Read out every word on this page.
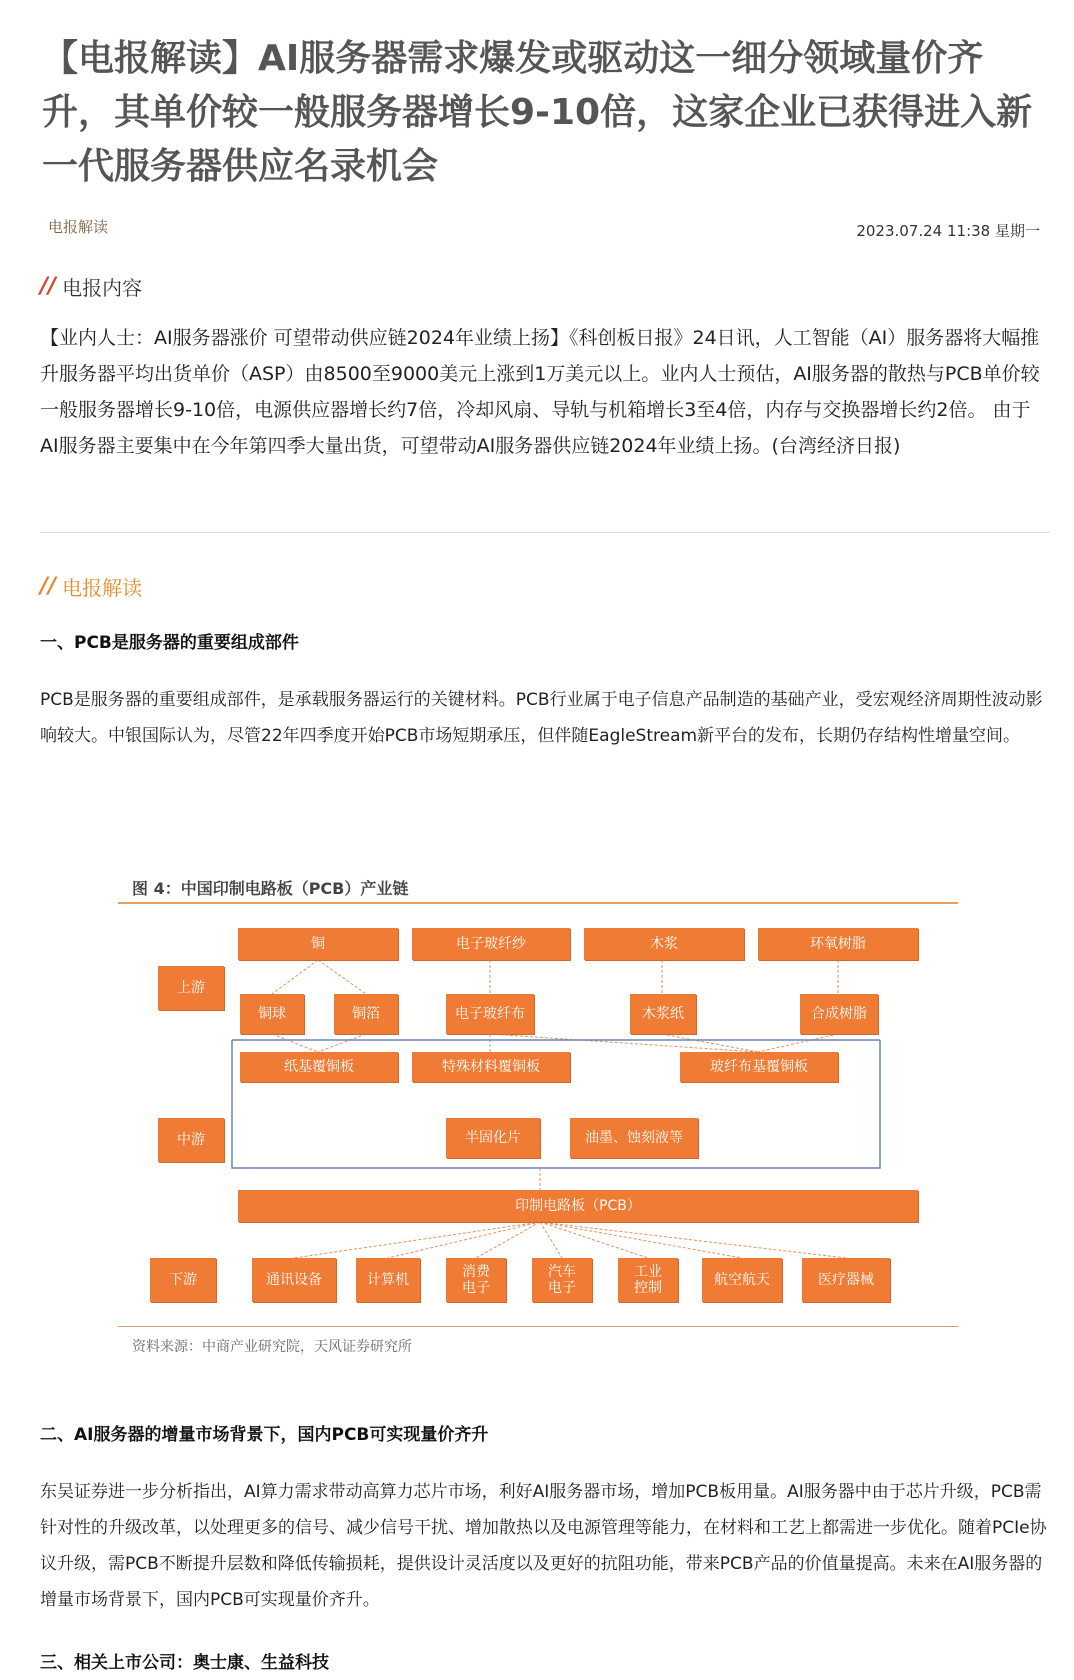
【电报解读】AI服务器需求爆发或驱动这一细分领域量价齐升，其单价较一般服务器增长9-10倍，这家企业已获得进入新一代服务器供应名录机会
电报解读	2023.07.24 11:38 星期一
// 电报内容
【业内人士：AI服务器涨价 可望带动供应链2024年业绩上扬】《科创板日报》24日讯，人工智能（AI）服务器将大幅推升服务器平均出货单价（ASP）由8500至9000美元上涨到1万美元以上。业内人士预估，AI服务器的散热与PCB单价较一般服务器增长9-10倍，电源供应器增长约7倍，冷却风扇、导轨与机箱增长3至4倍，内存与交换器增长约2倍。 由于AI服务器主要集中在今年第四季大量出货，可望带动AI服务器供应链2024年业绩上扬。(台湾经济日报)
// 电报解读
一、PCB是服务器的重要组成部件
PCB是服务器的重要组成部件，是承载服务器运行的关键材料。PCB行业属于电子信息产品制造的基础产业，受宏观经济周期性波动影响较大。中银国际认为，尽管22年四季度开始PCB市场短期承压，但伴随EagleStream新平台的发布，长期仍存结构性增量空间。
图 4：中国印制电路板（PCB）产业链
上游
中游
下游
铜	电子玻纤纱	木浆	环氧树脂
铜球	铜箔	电子玻纤布	木浆纸	合成树脂
纸基覆铜板	特殊材料覆铜板	玻纤布基覆铜板
半固化片	油墨、蚀刻液等
印制电路板（PCB）
通讯设备	计算机	消费
电子
汽车
电子
工业
控制	航空航天	医疗器械
资料来源：中商产业研究院，天风证券研究所
二、AI服务器的增量市场背景下，国内PCB可实现量价齐升
东吴证券进一步分析指出，AI算力需求带动高算力芯片市场，利好AI服务器市场，增加PCB板用量。AI服务器中由于芯片升级，PCB需针对性的升级改革，以处理更多的信号、减少信号干扰、增加散热以及电源管理等能力，在材料和工艺上都需进一步优化。随着PCIe协议升级，需PCB不断提升层数和降低传输损耗，提供设计灵活度以及更好的抗阻功能，带来PCB产品的价值量提高。未来在AI服务器的增量市场背景下，国内PCB可实现量价齐升。
三、相关上市公司：奥士康、生益科技
